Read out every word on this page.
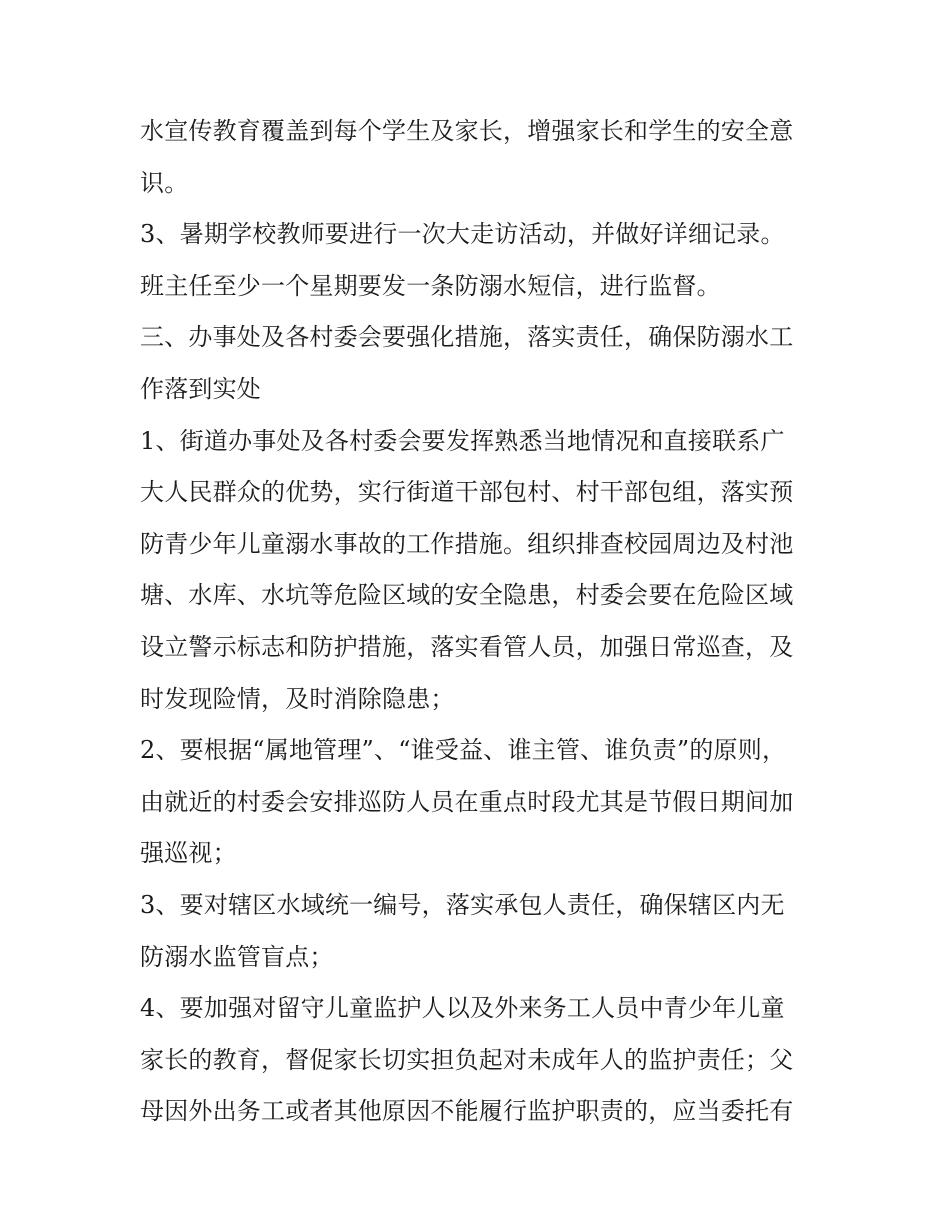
水宣传教育覆盖到每个学生及家长，增强家长和学生的安全意
识。
3、暑期学校教师要进行一次大走访活动，并做好详细记录。
班主任至少一个星期要发一条防溺水短信，进行监督。
三、办事处及各村委会要强化措施，落实责任，确保防溺水工
作落到实处
1、街道办事处及各村委会要发挥熟悉当地情况和直接联系广
大人民群众的优势，实行街道干部包村、村干部包组，落实预
防青少年儿童溺水事故的工作措施。组织排查校园周边及村池
塘、水库、水坑等危险区域的安全隐患，村委会要在危险区域
设立警示标志和防护措施，落实看管人员，加强日常巡查，及
时发现险情，及时消除隐患；
2、要根据“属地管理”、“谁受益、谁主管、谁负责”的原则，
由就近的村委会安排巡防人员在重点时段尤其是节假日期间加
强巡视；
3、要对辖区水域统一编号，落实承包人责任，确保辖区内无
防溺水监管盲点；
4、要加强对留守儿童监护人以及外来务工人员中青少年儿童
家长的教育，督促家长切实担负起对未成年人的监护责任；父
母因外出务工或者其他原因不能履行监护职责的，应当委托有
